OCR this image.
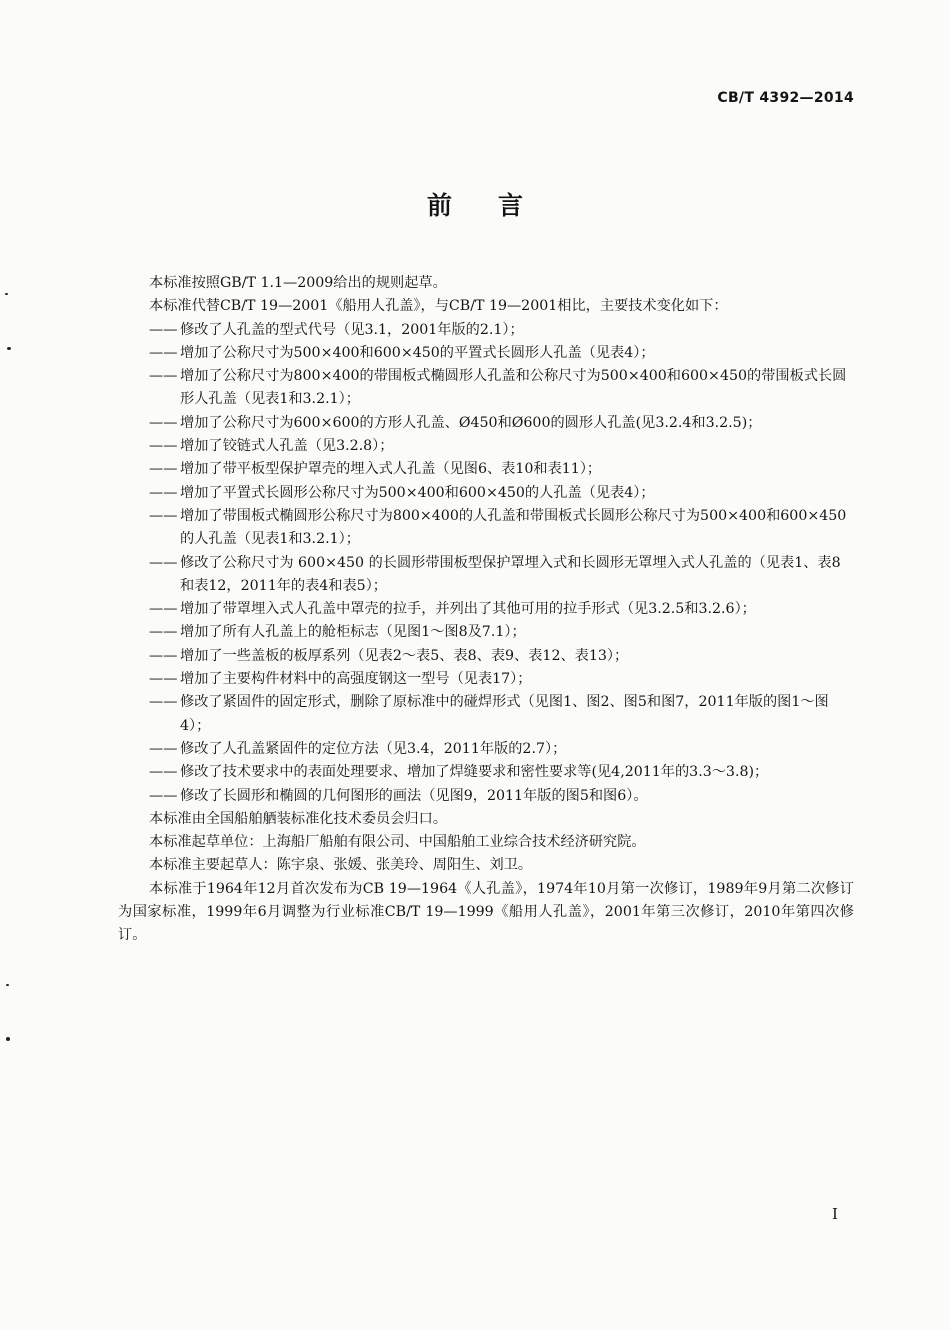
CB/T 4392—2014
前 言

本标准按照GB/T 1.1—2009给出的规则起草。

本标准代替CB/T 19—2001《船用人孔盖》，与CB/T 19—2001相比，主要技术变化如下：

—— 修改了人孔盖的型式代号（见3.1，2001年版的2.1）；
—— 增加了公称尺寸为500×400和600×450的平置式长圆形人孔盖（见表4）；
—— 增加了公称尺寸为800×400的带围板式椭圆形人孔盖和公称尺寸为500×400和600×450的带围板式长圆形人孔盖（见表1和3.2.1）；
—— 增加了公称尺寸为600×600的方形人孔盖、Ø450和Ø600的圆形人孔盖(见3.2.4和3.2.5)；
—— 增加了铰链式人孔盖（见3.2.8）；
—— 增加了带平板型保护罩壳的埋入式人孔盖（见图6、表10和表11）；
—— 增加了平置式长圆形公称尺寸为500×400和600×450的人孔盖（见表4）；
—— 增加了带围板式椭圆形公称尺寸为800×400的人孔盖和带围板式长圆形公称尺寸为500×400和600×450的人孔盖（见表1和3.2.1）；
—— 修改了公称尺寸为 600×450 的长圆形带围板型保护罩埋入式和长圆形无罩埋入式人孔盖的（见表1、表8和表12，2011年的表4和表5）；
—— 增加了带罩埋入式人孔盖中罩壳的拉手，并列出了其他可用的拉手形式（见3.2.5和3.2.6）；
—— 增加了所有人孔盖上的舱柜标志（见图1～图8及7.1）；
—— 增加了一些盖板的板厚系列（见表2～表5、表8、表9、表12、表13）；
—— 增加了主要构件材料中的高强度钢这一型号（见表17）；
—— 修改了紧固件的固定形式，删除了原标准中的碰焊形式（见图1、图2、图5和图7，2011年版的图1～图4）；
—— 修改了人孔盖紧固件的定位方法（见3.4，2011年版的2.7）；
—— 修改了技术要求中的表面处理要求、增加了焊缝要求和密性要求等(见4,2011年的3.3～3.8)；
—— 修改了长圆形和椭圆的几何图形的画法（见图9，2011年版的图5和图6）。

本标准由全国船舶舾装标准化技术委员会归口。

本标准起草单位：上海船厂船舶有限公司、中国船舶工业综合技术经济研究院。

本标准主要起草人：陈宇泉、张媛、张美玲、周阳生、刘卫。

本标准于1964年12月首次发布为CB 19—1964《人孔盖》，1974年10月第一次修订，1989年9月第二次修订为国家标准，1999年6月调整为行业标准CB/T 19—1999《船用人孔盖》，2001年第三次修订，2010年第四次修订。

I
